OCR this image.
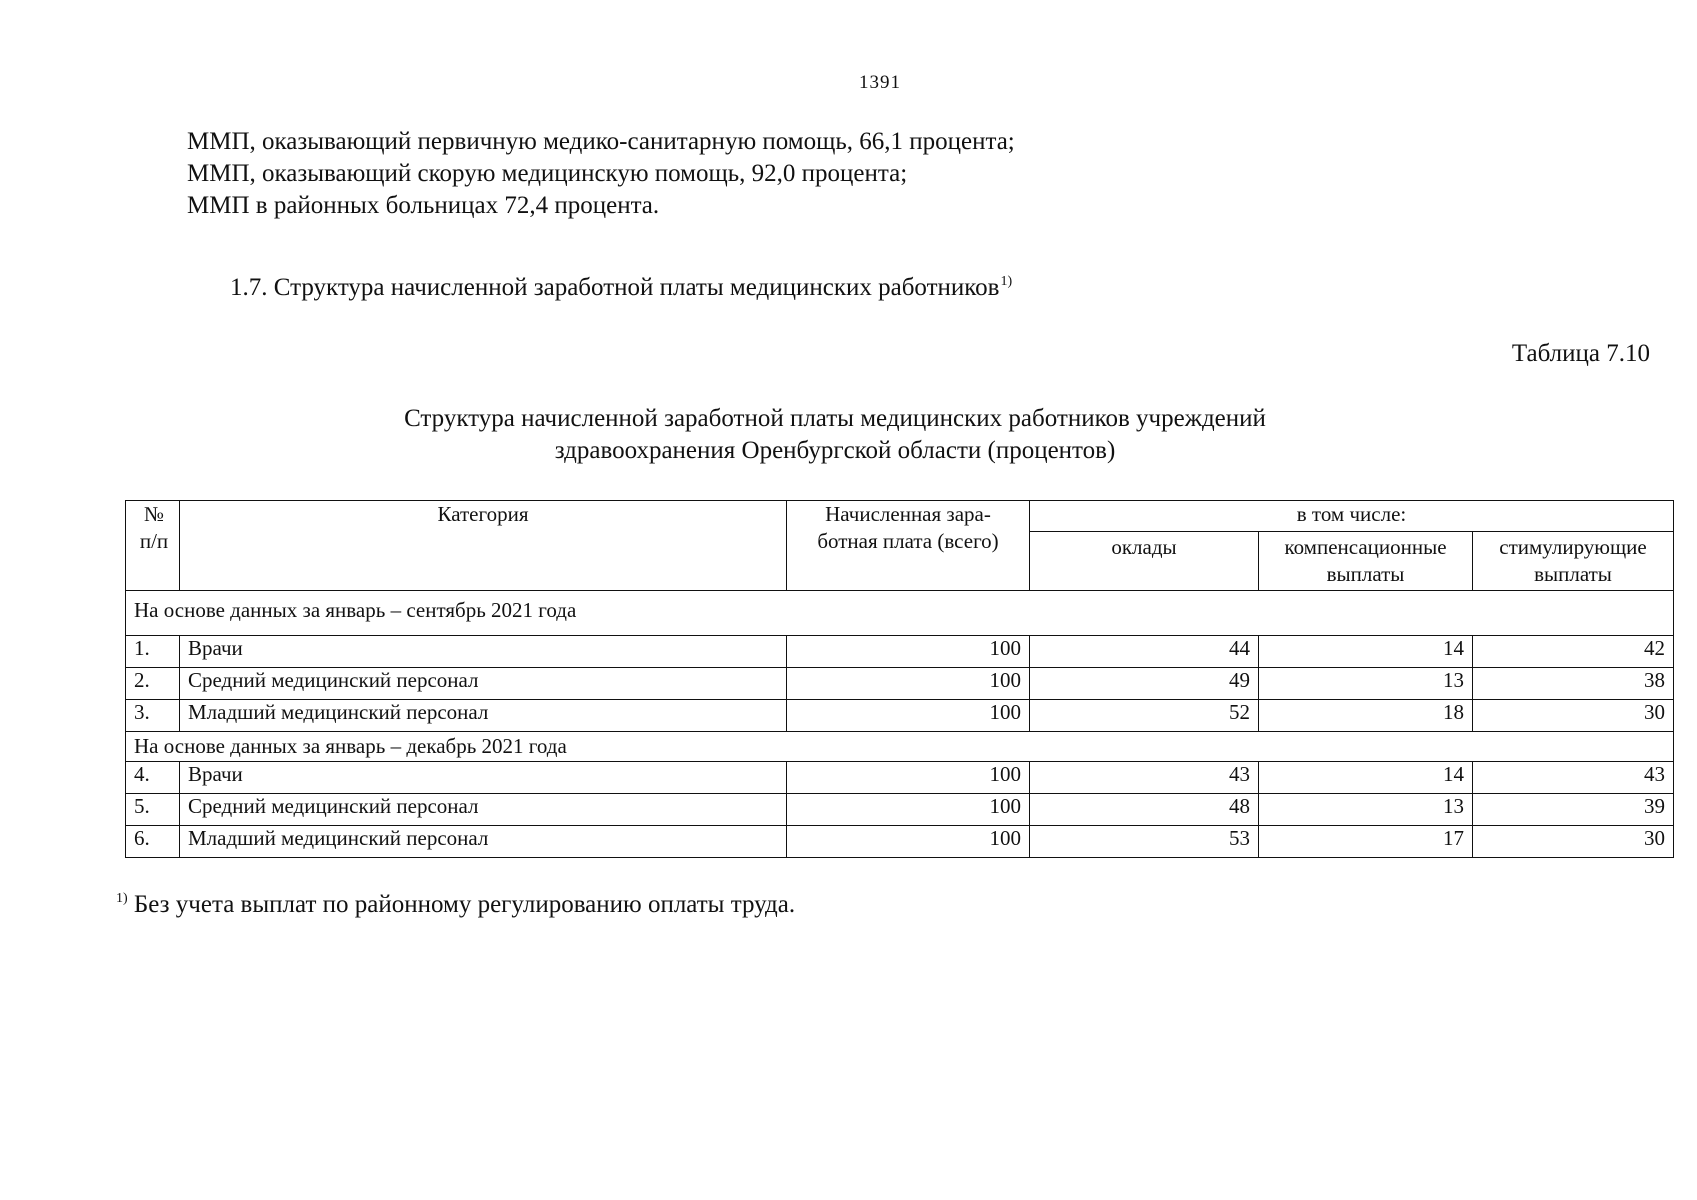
1391
ММП, оказывающий первичную медико-санитарную помощь, 66,1 процента;
ММП, оказывающий скорую медицинскую помощь, 92,0 процента;
ММП в районных больницах 72,4 процента.
1.7. Структура начисленной заработной платы медицинских работников$^{1)}$
Таблица 7.10
Структура начисленной заработной платы медицинских работников учреждений
здравоохранения Оренбургской области (процентов)
№ п/п	Категория	Начисленная зара-ботная плата (всего)	в том числе:		
			оклады	компенсационные выплаты	стимулирующие выплаты
На основе данных за январь – сентябрь 2021 года					
1.	Врачи	100	44	14	42
2.	Средний медицинский персонал	100	49	13	38
3.	Младший медицинский персонал	100	52	18	30
На основе данных за январь – декабрь 2021 года					
4.	Врачи	100	43	14	43
5.	Средний медицинский персонал	100	48	13	39
6.	Младший медицинский персонал	100	53	17	30
$^{1)}$ Без учета выплат по районному регулированию оплаты труда.
